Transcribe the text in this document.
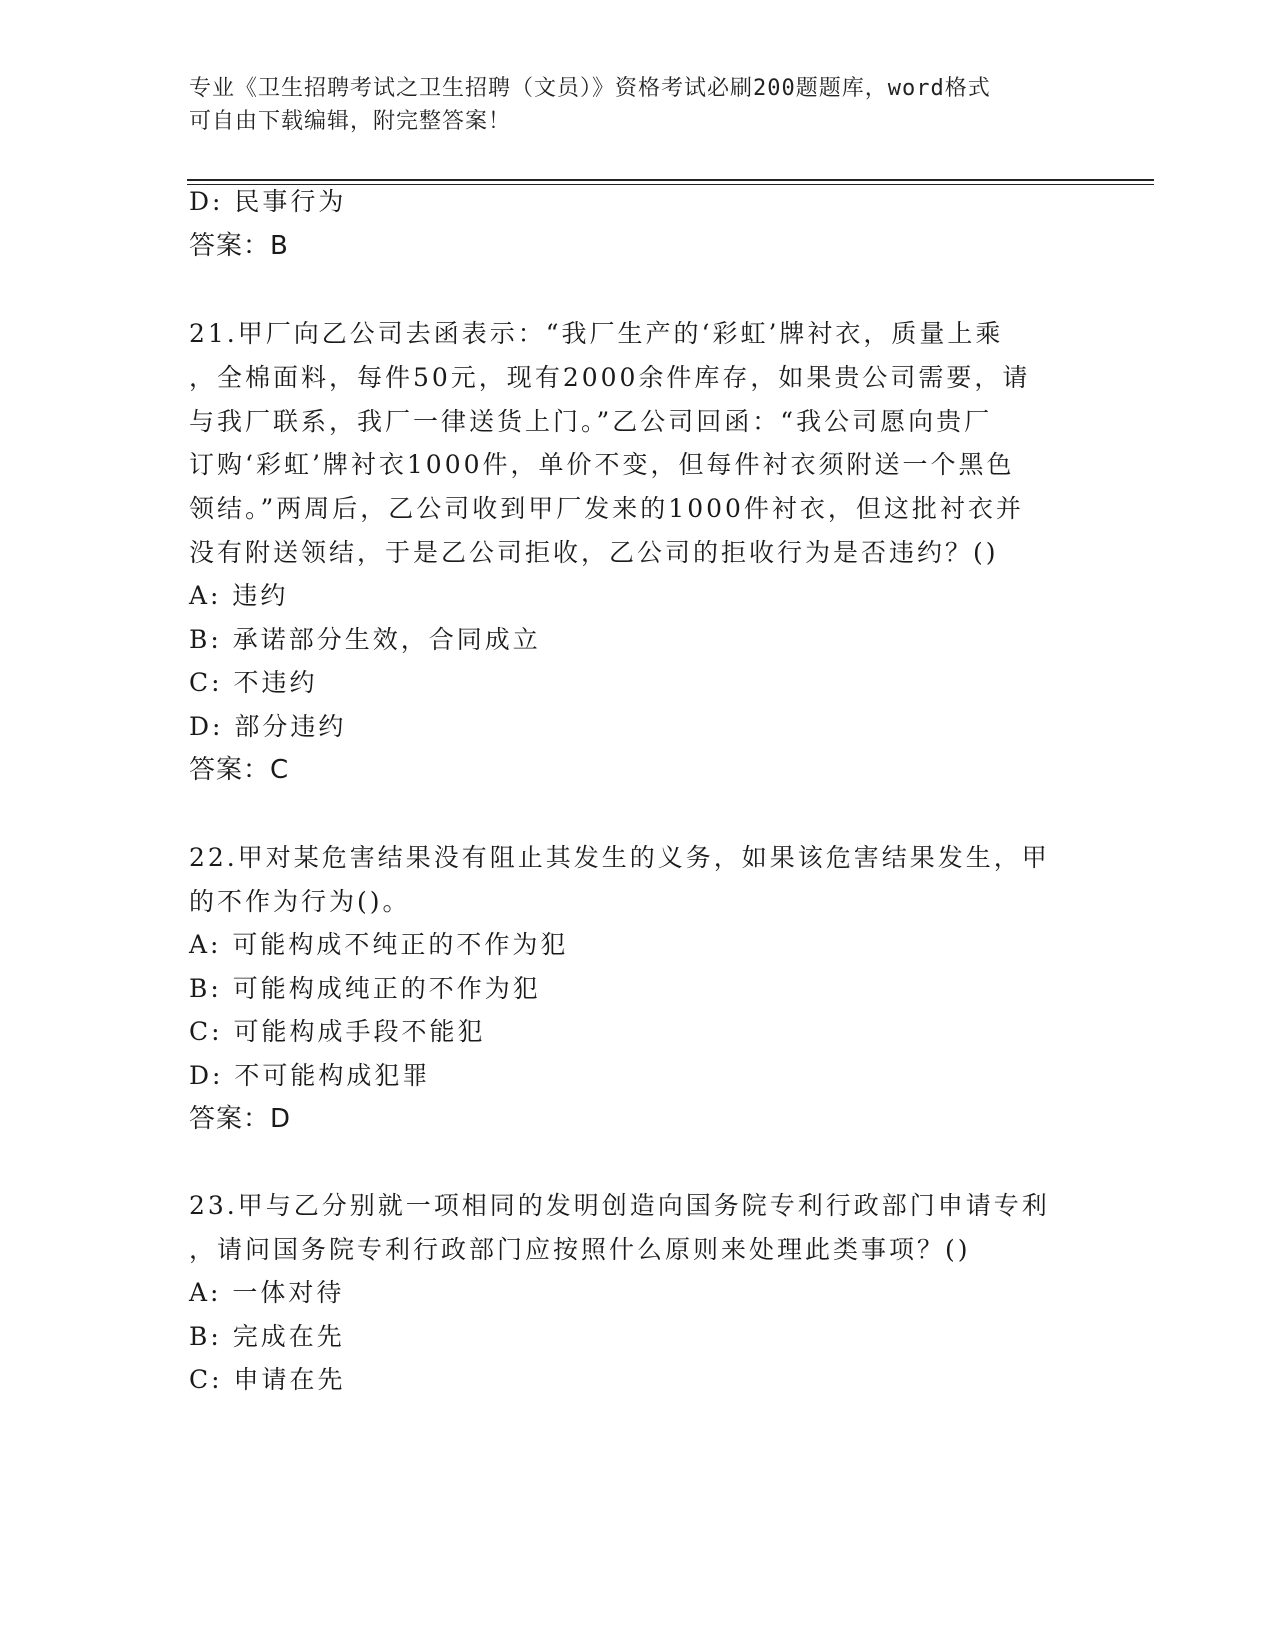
专业《卫生招聘考试之卫生招聘（文员）》资格考试必刷200题题库，word格式
可自由下载编辑，附完整答案！
D: 民事行为
答案：B
21.甲厂向乙公司去函表示：“我厂生产的‘彩虹’牌衬衣，质量上乘
，全棉面料，每件50元，现有2000余件库存，如果贵公司需要，请
与我厂联系，我厂一律送货上门。”乙公司回函：“我公司愿向贵厂
订购‘彩虹’牌衬衣1000件，单价不变，但每件衬衣须附送一个黑色
领结。”两周后，乙公司收到甲厂发来的1000件衬衣，但这批衬衣并
没有附送领结，于是乙公司拒收，乙公司的拒收行为是否违约？()
A: 违约
B: 承诺部分生效，合同成立
C: 不违约
D: 部分违约
答案：C
22.甲对某危害结果没有阻止其发生的义务，如果该危害结果发生，甲
的不作为行为()。
A: 可能构成不纯正的不作为犯
B: 可能构成纯正的不作为犯
C: 可能构成手段不能犯
D: 不可能构成犯罪
答案：D
23.甲与乙分别就一项相同的发明创造向国务院专利行政部门申请专利
，请问国务院专利行政部门应按照什么原则来处理此类事项？()
A: 一体对待
B: 完成在先
C: 申请在先
